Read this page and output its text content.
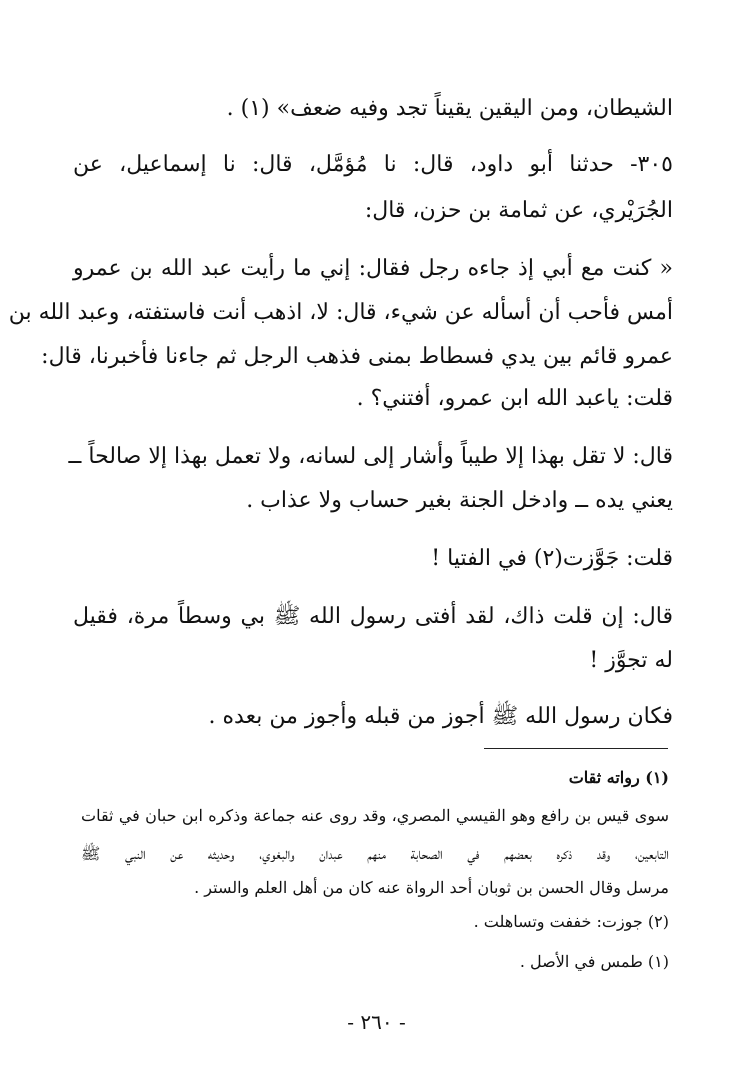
الشيطان، ومن اليقين يقيناً تجد وفيه ضعف» (١) .
٣٠٥- حدثنا أبو داود، قال: نا مُؤمَّل، قال: نا إسماعيل، عن
الجُرَيْري، عن ثمامة بن حزن، قال:
« كنت مع أبي إذ جاءه رجل فقال: إني ما رأيت عبد الله بن عمرو
أمس فأحب أن أسأله عن شيء، قال: لا، اذهب أنت فاستفته، وعبد الله بن
عمرو قائم بين يدي فسطاط بمنى فذهب الرجل ثم جاءنا فأخبرنا، قال:
قلت: ياعبد الله ابن عمرو، أفتني؟ .
قال: لا تقل بهذا إلا طيباً وأشار إلى لسانه، ولا تعمل بهذا إلا صالحاً ــ
يعني يده ــ وادخل الجنة بغير حساب ولا عذاب .
قلت: جَوَّزت(٢) في الفتيا !
قال: إن قلت ذاك، لقد أفتى رسول الله ﷺ بي وسطاً مرة، فقيل
له تجوَّز !
فكان رسول الله ﷺ أجوز من قبله وأجوز من بعده .
(١) رواته ثقات
سوى قيس بن رافع وهو القيسي المصري، وقد روى عنه جماعة وذكره ابن حبان في ثقات
التابعين، وقد ذكره بعضهم في الصحابة منهم عبدان والبغوي، وحديثه عن النبي ﷺ
مرسل وقال الحسن بن ثوبان أحد الرواة عنه كان من أهل العلم والستر .
(٢) جوزت: خففت وتساهلت .
(١) طمس في الأصل .
- ٢٦٠ -
